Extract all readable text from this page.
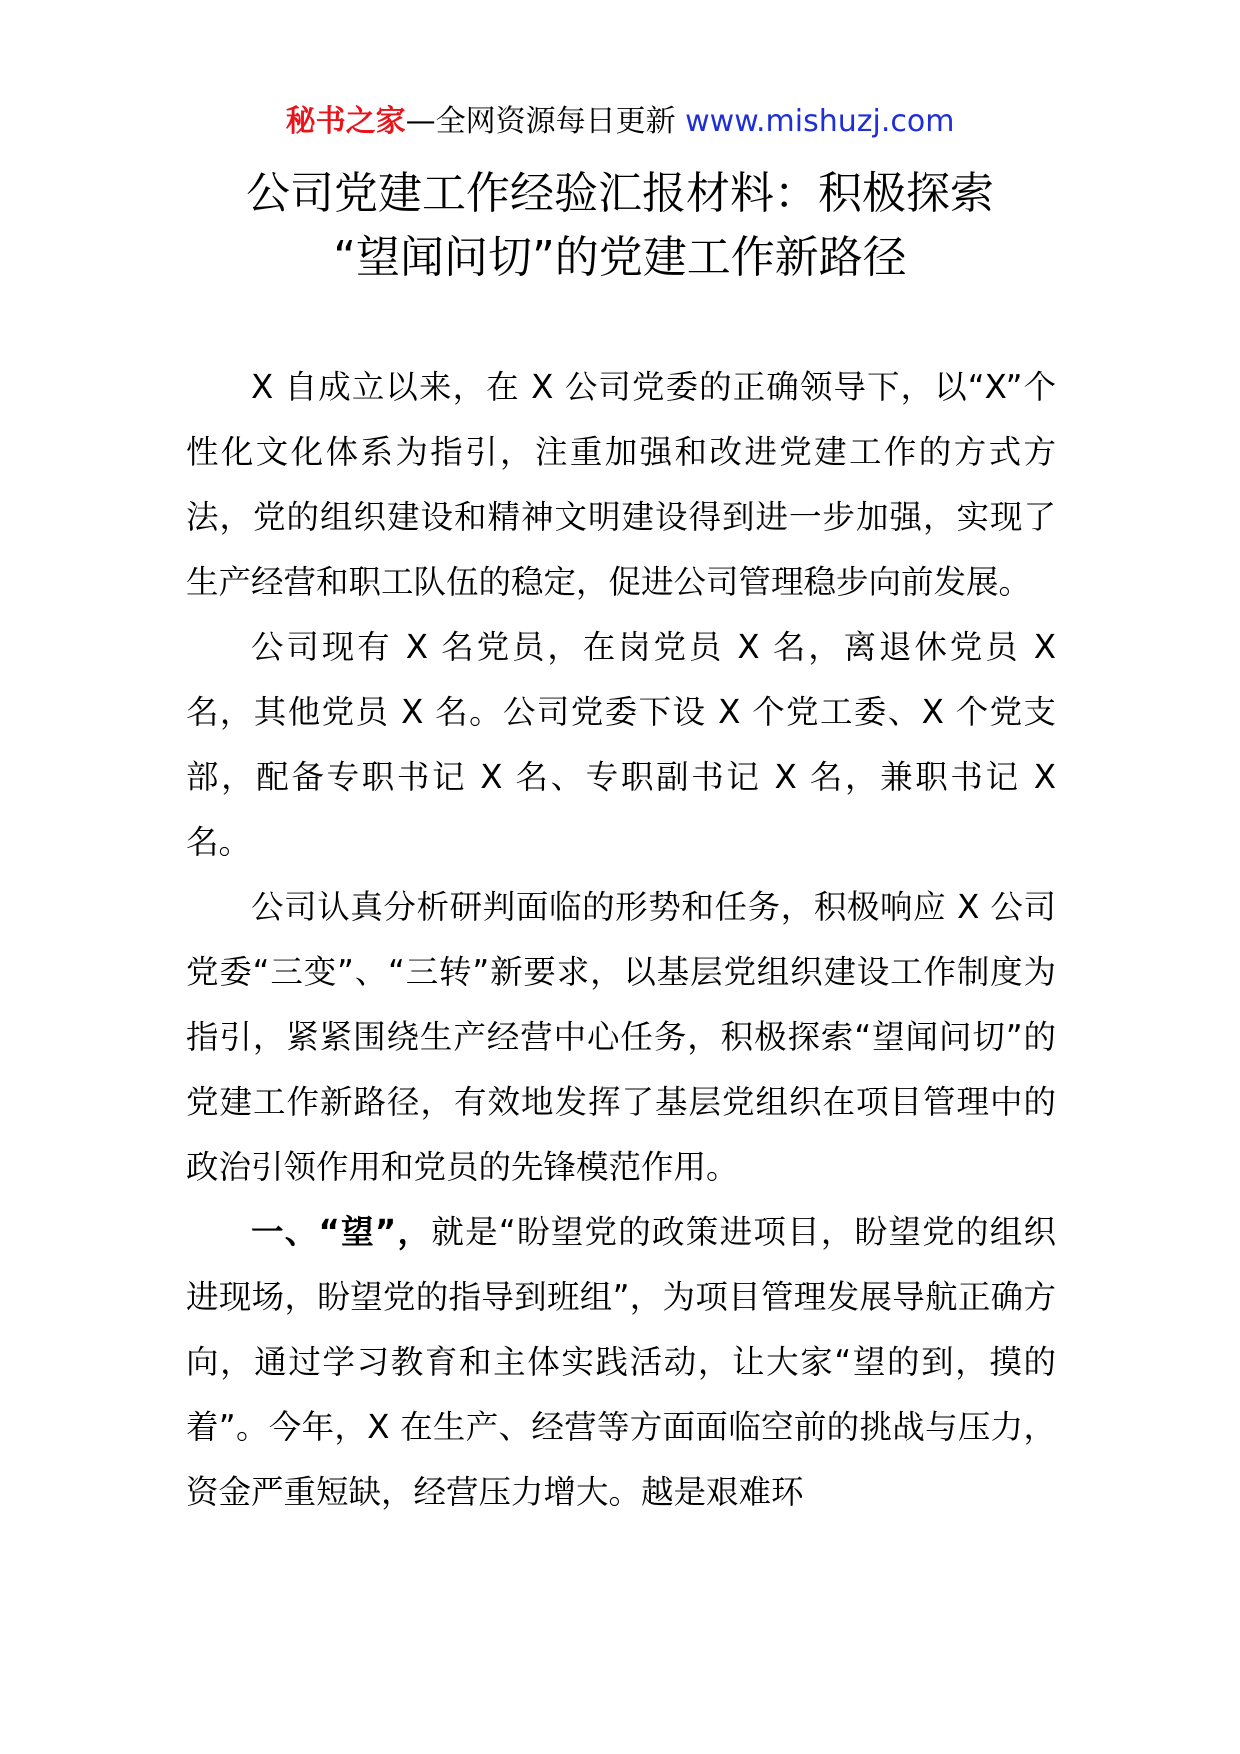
秘书之家—全网资源每日更新 www.mishuzj.com
公司党建工作经验汇报材料：积极探索
“望闻问切”的党建工作新路径

X 自成立以来，在 X 公司党委的正确领导下，以“X”个性化文化体系为指引，注重加强和改进党建工作的方式方法，党的组织建设和精神文明建设得到进一步加强，实现了生产经营和职工队伍的稳定，促进公司管理稳步向前发展。

公司现有 X 名党员，在岗党员 X 名，离退休党员 X 名，其他党员 X 名。公司党委下设 X 个党工委、X 个党支部，配备专职书记 X 名、专职副书记 X 名，兼职书记 X 名。

公司认真分析研判面临的形势和任务，积极响应 X 公司党委“三变”、“三转”新要求，以基层党组织建设工作制度为指引，紧紧围绕生产经营中心任务，积极探索“望闻问切”的党建工作新路径，有效地发挥了基层党组织在项目管理中的政治引领作用和党员的先锋模范作用。

一、“望”，就是“盼望党的政策进项目，盼望党的组织进现场，盼望党的指导到班组”，为项目管理发展导航正确方向，通过学习教育和主体实践活动，让大家“望的到，摸的着”。今年，X 在生产、经营等方面面临空前的挑战与压力，资金严重短缺，经营压力增大。越是艰难环
